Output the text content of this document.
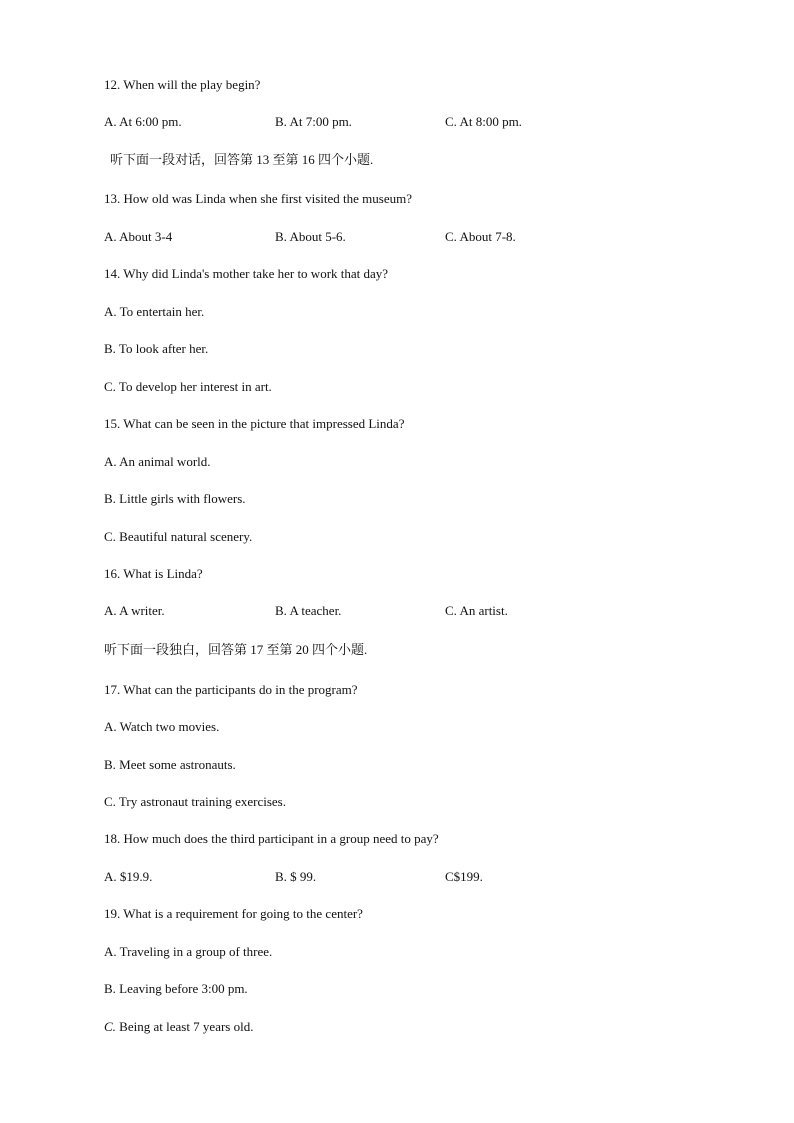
12. When will the play begin?
A. At 6:00 pm.	B. At 7:00 pm.	C. At 8:00 pm.
听下面一段对话，回答第 13 至第 16 四个小题.
13. How old was Linda when she first visited the museum?
A. About 3-4	B. About 5-6.	C. About 7-8.
14. Why did Linda's mother take her to work that day?
A. To entertain her.
B. To look after her.
C. To develop her interest in art.
15. What can be seen in the picture that impressed Linda?
A. An animal world.
B. Little girls with flowers.
C. Beautiful natural scenery.
16. What is Linda?
A. A writer.	B. A teacher.	C. An artist.
听下面一段独白，回答第 17 至第 20 四个小题.
17. What can the participants do in the program?
A. Watch two movies.
B. Meet some astronauts.
C. Try astronaut training exercises.
18. How much does the third participant in a group need to pay?
A. $19.9.	B. $ 99.	C$199.
19. What is a requirement for going to the center?
A. Traveling in a group of three.
B. Leaving before 3:00 pm.
C. Being at least 7 years old.
